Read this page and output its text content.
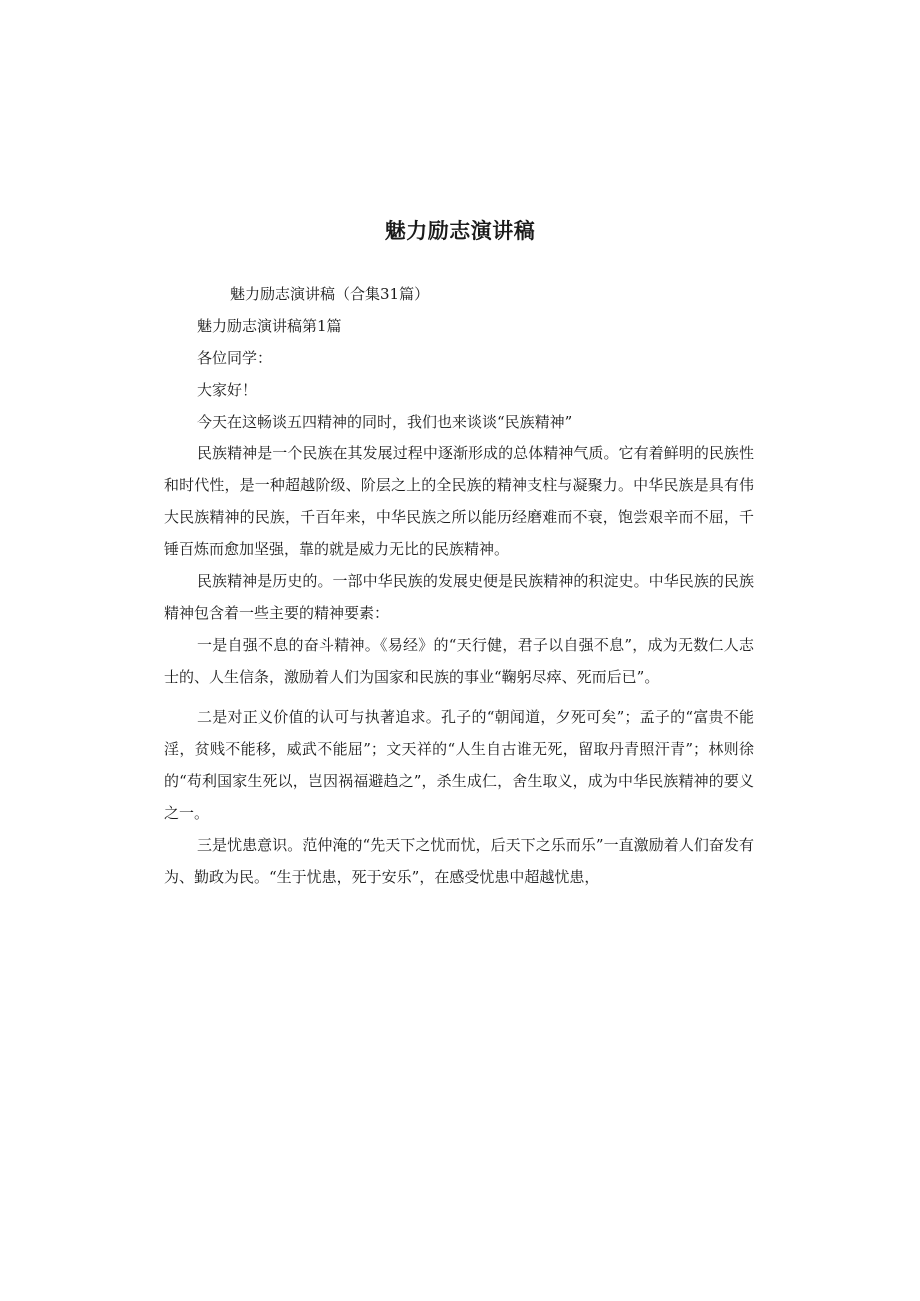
魅力励志演讲稿
魅力励志演讲稿（合集31篇）
魅力励志演讲稿第1篇
各位同学：
大家好！
今天在这畅谈五四精神的同时，我们也来谈谈“民族精神”

民族精神是一个民族在其发展过程中逐渐形成的总体精神气质。它有着鲜明的民族性和时代性，是一种超越阶级、阶层之上的全民族的精神支柱与凝聚力。中华民族是具有伟大民族精神的民族，千百年来，中华民族之所以能历经磨难而不衰，饱尝艰辛而不屈，千锤百炼而愈加坚强，靠的就是威力无比的民族精神。

民族精神是历史的。一部中华民族的发展史便是民族精神的积淀史。中华民族的民族精神包含着一些主要的精神要素：

一是自强不息的奋斗精神。《易经》的“天行健，君子以自强不息”，成为无数仁人志士的、人生信条，激励着人们为国家和民族的事业“鞠躬尽瘁、死而后已”。

二是对正义价值的认可与执著追求。孔子的“朝闻道，夕死可矣”；孟子的“富贵不能淫，贫贱不能移，威武不能屈”；文天祥的“人生自古谁无死，留取丹青照汗青”；林则徐的“苟利国家生死以，岂因祸福避趋之”，杀生成仁，舍生取义，成为中华民族精神的要义之一。

三是忧患意识。范仲淹的“先天下之忧而忧，后天下之乐而乐”一直激励着人们奋发有为、勤政为民。“生于忧患，死于安乐”，在感受忧患中超越忧患，
